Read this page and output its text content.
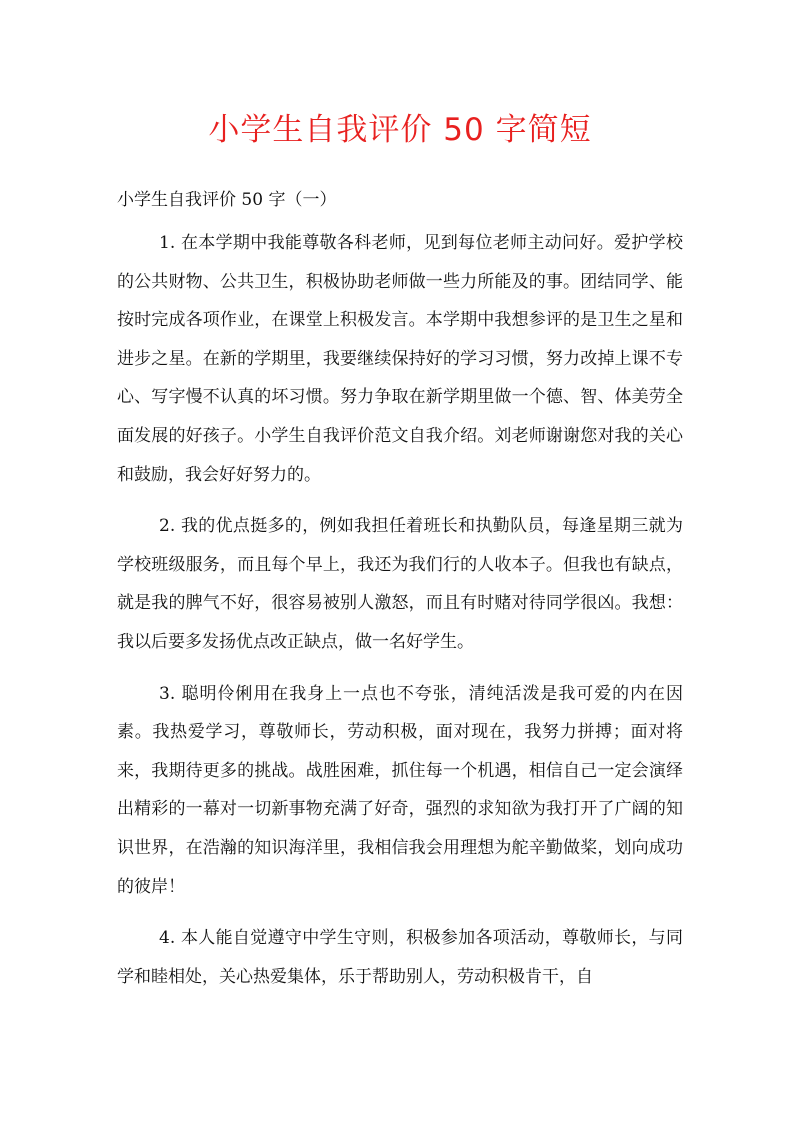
小学生自我评价 50 字简短
小学生自我评价 50 字（一）

1. 在本学期中我能尊敬各科老师，见到每位老师主动问好。爱护学校的公共财物、公共卫生，积极协助老师做一些力所能及的事。团结同学、能按时完成各项作业，在课堂上积极发言。本学期中我想参评的是卫生之星和进步之星。在新的学期里，我要继续保持好的学习习惯，努力改掉上课不专心、写字慢不认真的坏习惯。努力争取在新学期里做一个德、智、体美劳全面发展的好孩子。小学生自我评价范文自我介绍。刘老师谢谢您对我的关心和鼓励，我会好好努力的。

2. 我的优点挺多的，例如我担任着班长和执勤队员，每逢星期三就为学校班级服务，而且每个早上，我还为我们行的人收本子。但我也有缺点，就是我的脾气不好，很容易被别人激怒，而且有时赌对待同学很凶。我想：我以后要多发扬优点改正缺点，做一名好学生。

3. 聪明伶俐用在我身上一点也不夸张，清纯活泼是我可爱的内在因素。我热爱学习，尊敬师长，劳动积极，面对现在，我努力拼搏；面对将来，我期待更多的挑战。战胜困难，抓住每一个机遇，相信自己一定会演绎出精彩的一幕对一切新事物充满了好奇，强烈的求知欲为我打开了广阔的知识世界，在浩瀚的知识海洋里，我相信我会用理想为舵辛勤做桨，划向成功的彼岸！

4. 本人能自觉遵守中学生守则，积极参加各项活动，尊敬师长，与同学和睦相处，关心热爱集体，乐于帮助别人，劳动积极肯干，自
